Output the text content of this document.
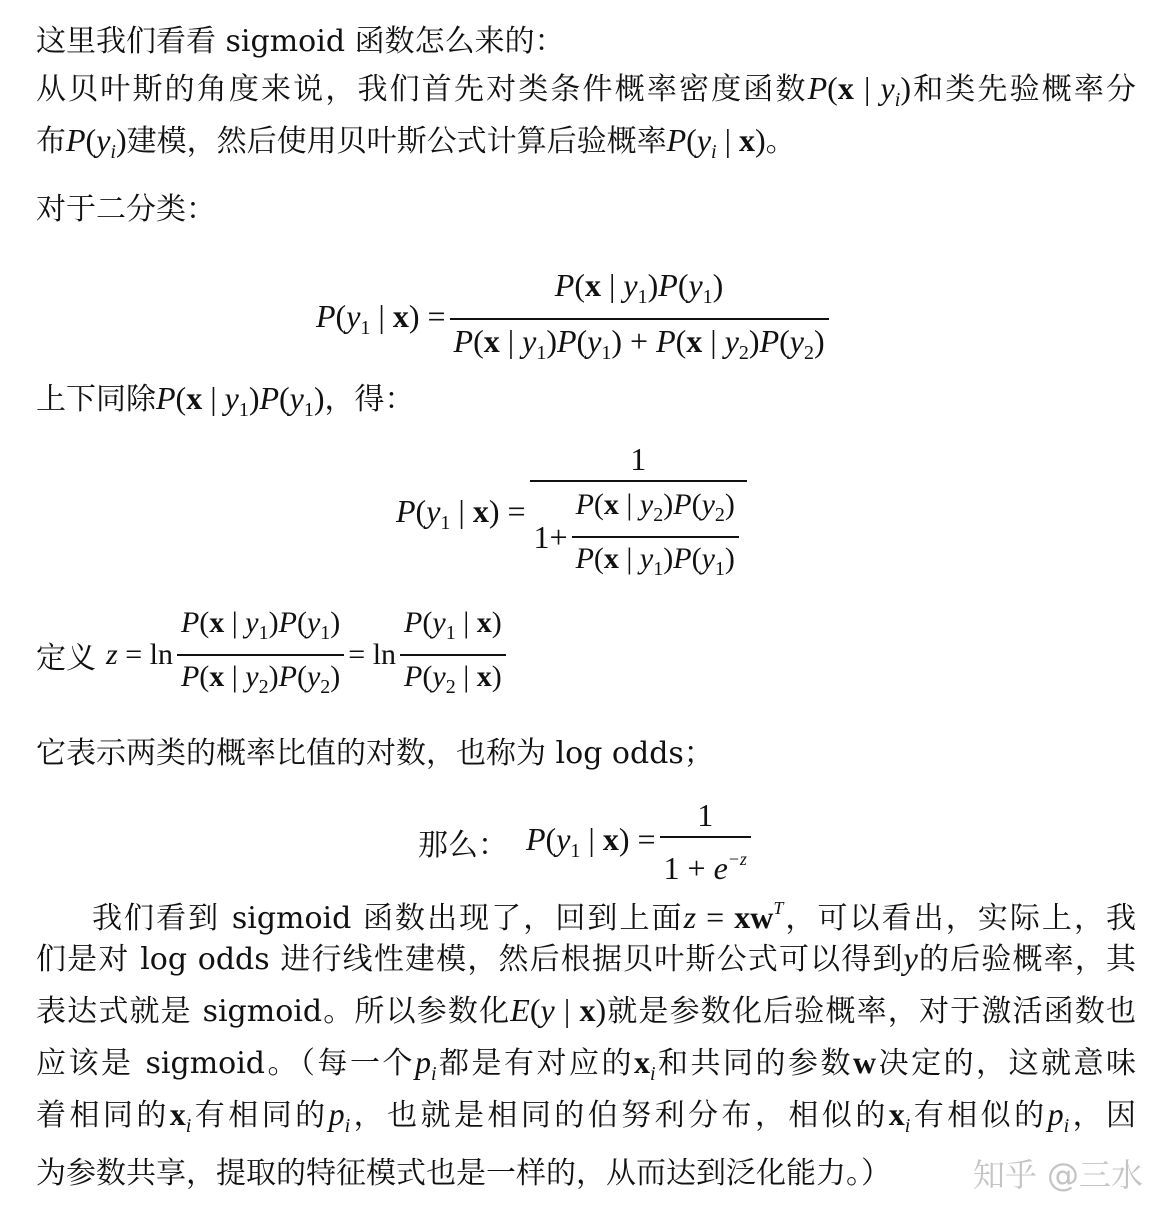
这里我们看看 sigmoid 函数怎么来的：
从贝叶斯的角度来说，我们首先对类条件概率密度函数P(x | $y_i$)和类先验概率分
布$P(y_i)$建模，然后使用贝叶斯公式计算后验概率$P(y_i$ | x)。
对于二分类：
$P(y_1$ | $x) = \frac{P(x | y_1)P(y_1)}{P(x | y_1)P(y_1) + P(x | y_2)P(y_2)}$
上下同除P(x | $y_1)P(y_1)$，得：
$P(y_1$ | x) =
1
$1 + \frac{P(x | y_2)P(y_2)}{P(x | y_1)P(y_1)}$
定义 $z = \ln \frac{P(x | y_1)P(y_1)}{P(x | y_2)P(y_2)} = \ln \frac{P(y_1 | x)}{P(y_2 | x)}$
它表示两类的概率比值的对数，也称为 log odds；
那么： $P(y_1$ | $x) = \frac{1}{1 + e^{-z}}$
我们看到 sigmoid 函数出现了，回到上面$z = xw^T$，可以看出，实际上，我
们是对 log odds 进行线性建模，然后根据贝叶斯公式可以得到y的后验概率，其
表达式就是 sigmoid。所以参数化E(y | x)就是参数化后验概率，对于激活函数也
应该是 sigmoid。（每一个$p_i$都是有对应的$x_i$和共同的参数w决定的，这就意味
着相同的$x_i$有相同的$p_i$，也就是相同的伯努利分布，相似的$x_i$有相似的$p_i$，因
为参数共享，提取的特征模式也是一样的，从而达到泛化能力。）	知乎 @三水
